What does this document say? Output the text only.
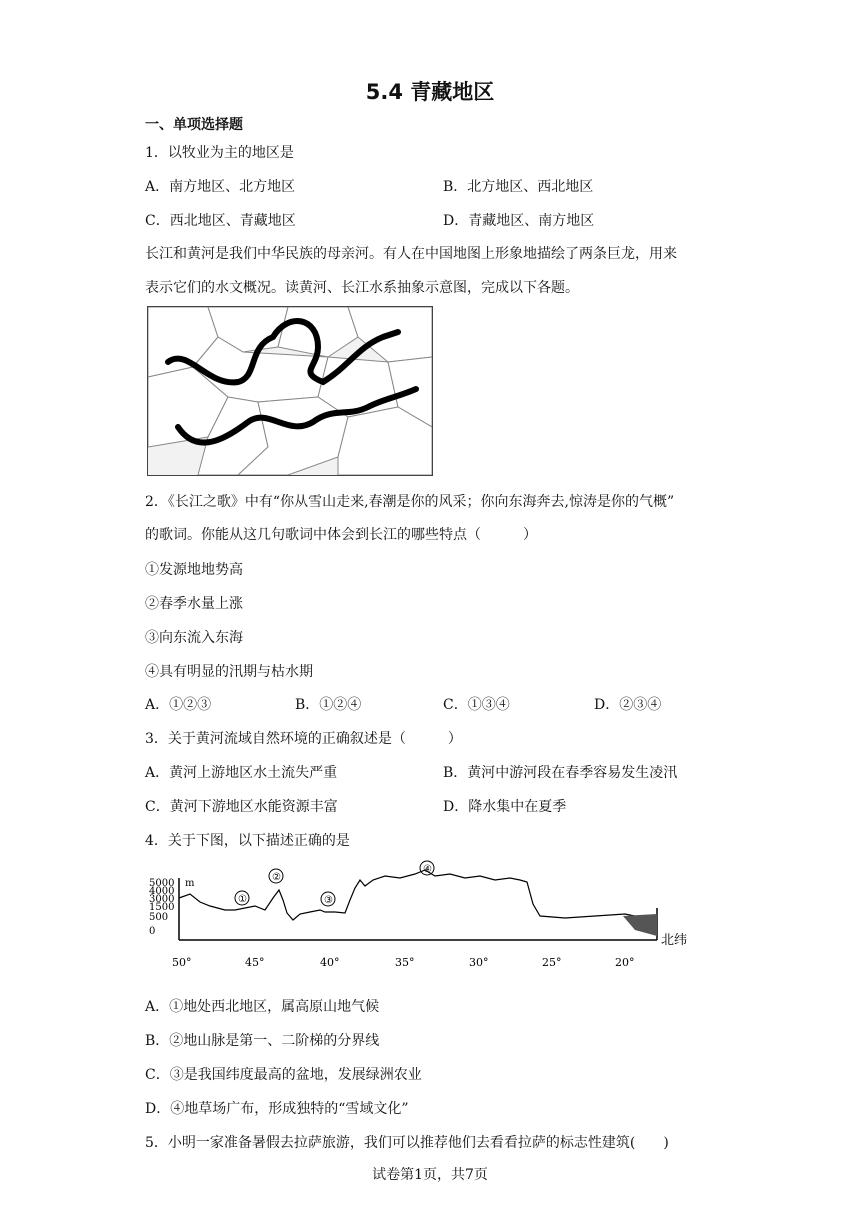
5.4 青藏地区
一、单项选择题
1．以牧业为主的地区是
A．南方地区、北方地区	B．北方地区、西北地区
C．西北地区、青藏地区	D．青藏地区、南方地区
长江和黄河是我们中华民族的母亲河。有人在中国地图上形象地描绘了两条巨龙，用来
表示它们的水文概况。读黄河、长江水系抽象示意图，完成以下各题。
2．《长江之歌》中有“你从雪山走来,春潮是你的风采；你向东海奔去,惊涛是你的气概”
的歌词。你能从这几句歌词中体会到长江的哪些特点（　　　）
①发源地地势高
②春季水量上涨
③向东流入东海
④具有明显的汛期与枯水期
A．①②③	B．①②④	C．①③④	D．②③④
3．关于黄河流域自然环境的正确叙述是（　　　）
A．黄河上游地区水土流失严重	B．黄河中游河段在春季容易发生凌汛
C．黄河下游地区水能资源丰富	D．降水集中在夏季
4．关于下图，以下描述正确的是
5000
4000
3000
1500
500
0
m
①
②
③
④
50°	45°	40°	35°	30°	25°	20°
北纬
A．①地处西北地区，属高原山地气候
B．②地山脉是第一、二阶梯的分界线
C．③是我国纬度最高的盆地，发展绿洲农业
D．④地草场广布，形成独特的“雪域文化”
5．小明一家准备暑假去拉萨旅游，我们可以推荐他们去看看拉萨的标志性建筑(　　)
试卷第1页，共7页
